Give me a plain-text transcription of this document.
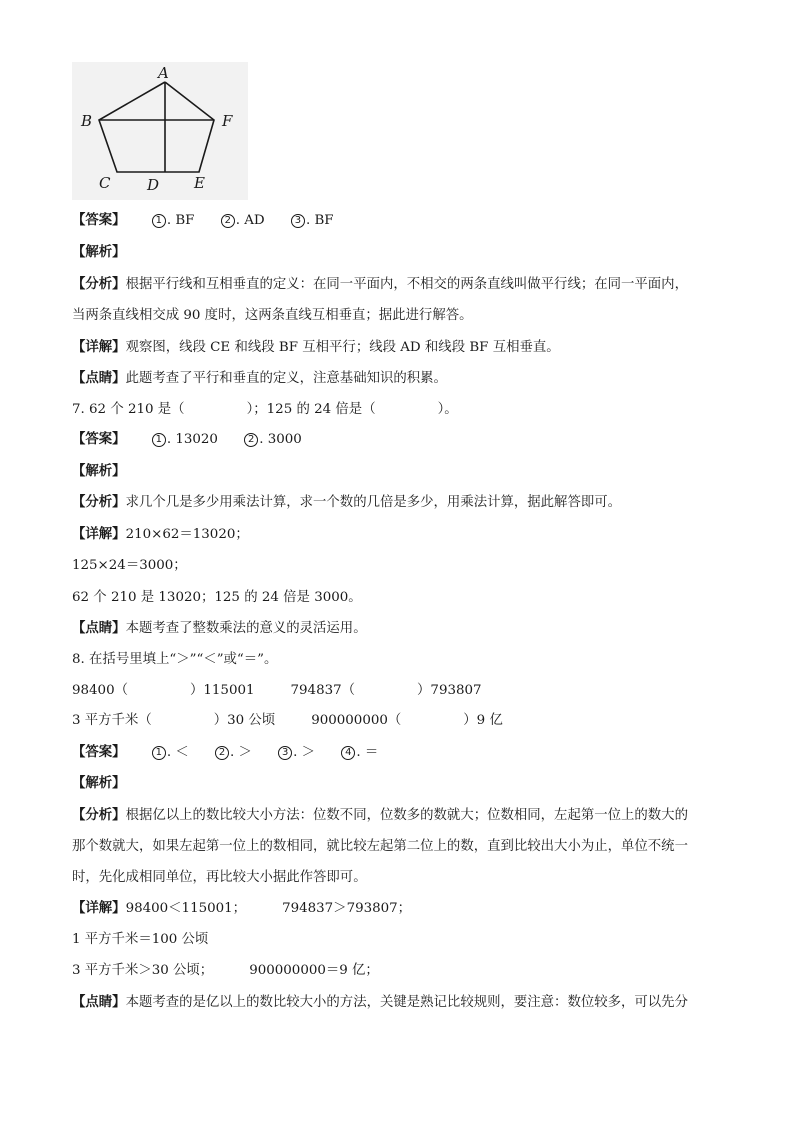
A
B	F
C D E
【答案】	1 . BF	2 . AD	3 . BF
【解析】
【分析】根据平行线和互相垂直的定义：在同一平面内，不相交的两条直线叫做平行线；在同一平面内，
当两条直线相交成 90 度时，这两条直线互相垂直；据此进行解答。
【详解】观察图，线段 CE 和线段 BF 互相平行；线段 AD 和线段 BF 互相垂直。
【点睛】此题考查了平行和垂直的定义，注意基础知识的积累。
7. 62 个 210 是（	）；125 的 24 倍是（	）。
【答案】	1 . 13020	2 . 3000
【解析】
【分析】求几个几是多少用乘法计算，求一个数的几倍是多少，用乘法计算，据此解答即可。
【详解】210×62＝13020；
125×24＝3000；
62 个 210 是 13020；125 的 24 倍是 3000。
【点睛】本题考查了整数乘法的意义的灵活运用。
8. 在括号里填上“＞”“＜”或“＝”。
98400（	）115001	794837（	）793807
3 平方千米（	）30 公顷	900000000（	）9 亿
【答案】	1 . ＜	2 . ＞	3 . ＞	4 . ＝
【解析】
【分析】根据亿以上的数比较大小方法：位数不同，位数多的数就大；位数相同，左起第一位上的数大的
那个数就大，如果左起第一位上的数相同，就比较左起第二位上的数，直到比较出大小为止，单位不统一
时，先化成相同单位，再比较大小据此作答即可。
【详解】98400＜115001；	794837＞793807；
1 平方千米＝100 公顷
3 平方千米＞30 公顷；	900000000＝9 亿；
【点睛】本题考查的是亿以上的数比较大小的方法，关键是熟记比较规则，要注意：数位较多，可以先分
